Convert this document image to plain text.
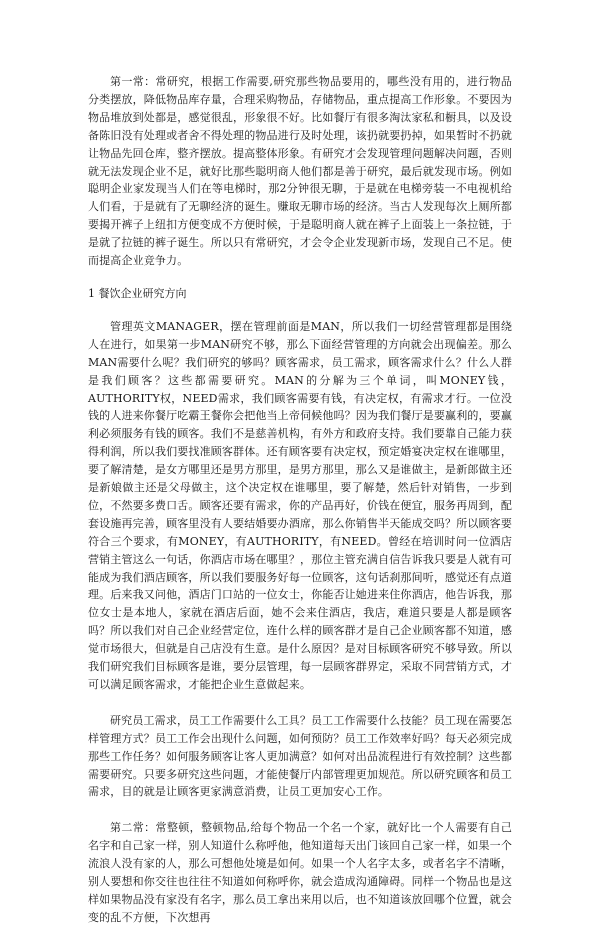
第一常：常研究，根据工作需要,研究那些物品要用的，哪些没有用的，进行物品分类摆放，降低物品库存量，合理采购物品，存储物品，重点提高工作形象。不要因为物品堆放到处都是，感觉很乱，形象很不好。比如餐厅有很多淘汰家私和橱具，以及设备陈旧没有处理或者舍不得处理的物品进行及时处理，该扔就要扔掉，如果暂时不扔就让物品先回仓库，整齐摆放。提高整体形象。有研究才会发现管理问题解决问题，否则就无法发现企业不足，就好比那些聪明商人他们都是善于研究，最后就发现市场。例如聪明企业家发现当人们在等电梯时，那2分钟很无聊，于是就在电梯旁装一不电视机给人们看，于是就有了无聊经济的诞生。赚取无聊市场的经济。当古人发现每次上厕所都要揭开裤子上纽扣方便变成不方便时候，于是聪明商人就在裤子上面装上一条拉链，于是就了拉链的裤子诞生。所以只有常研究，才会令企业发现新市场，发现自己不足。使而提高企业竞争力。

1 餐饮企业研究方向

管理英文MANAGER，摆在管理前面是MAN，所以我们一切经营管理都是围绕人在进行，如果第一步MAN研究不够，那么下面经营管理的方向就会出现偏差。那么MAN需要什么呢？我们研究的够吗？顾客需求，员工需求，顾客需求什么？什么人群是我们顾客？这些都需要研究。MAN的分解为三个单词，叫MONEY钱，AUTHORITY权，NEED需求，我们顾客需要有钱，有决定权，有需求才行。一位没钱的人进来你餐厅吃霸王餐你会把他当上帝伺候他吗？因为我们餐厅是要赢利的，要赢利必须服务有钱的顾客。我们不是慈善机构，有外方和政府支持。我们要靠自己能力获得利润，所以我们要找准顾客群体。还有顾客要有决定权，预定婚宴决定权在谁哪里，要了解清楚，是女方哪里还是男方那里，是男方那里，那么又是谁做主，是新郎做主还是新娘做主还是父母做主，这个决定权在谁哪里，要了解楚，然后针对销售，一步到位，不然要多费口舌。顾客还要有需求，你的产品再好，价钱在便宜，服务再周到，配套设施再完善，顾客里没有人要结婚要办酒席，那么你销售半天能成交吗？所以顾客要符合三个要求，有MONEY，有AUTHORITY，有NEED。曾经在培训时问一位酒店营销主管这么一句话，你酒店市场在哪里？，那位主管充满自信告诉我只要是人就有可能成为我们酒店顾客，所以我们要服务好每一位顾客，这句话刹那间听，感觉还有点道理。后来我又问他，酒店门口站的一位女士，你能否让她进来住你酒店，他告诉我，那位女士是本地人，家就在酒店后面，她不会来住酒店，我店，难道只要是人都是顾客吗？所以我们对自己企业经营定位，连什么样的顾客群才是自己企业顾客都不知道，感觉市场很大，但就是自己店没有生意。是什么原因？是对目标顾客研究不够导致。所以我们研究我们目标顾客是谁，要分层管理，每一层顾客群界定，采取不同营销方式，才可以满足顾客需求，才能把企业生意做起来。

研究员工需求，员工工作需要什么工具？员工工作需要什么技能？员工现在需要怎样管理方式？员工工作会出现什么问题，如何预防？员工工作效率好吗？每天必须完成那些工作任务？如何服务顾客让客人更加满意？如何对出品流程进行有效控制？这些都需要研究。只要多研究这些问题，才能使餐厅内部管理更加规范。所以研究顾客和员工需求，目的就是让顾客更家满意消费，让员工更加安心工作。

第二常：常整顿，整顿物品,给每个物品一个名一个家，就好比一个人需要有自己名字和自己家一样，别人知道什么称呼他，他知道每天出门该回自己家一样，如果一个流浪人没有家的人，那么可想他处境是如何。如果一个人名字太多，或者名字不清晰，别人要想和你交往也往往不知道如何称呼你，就会造成沟通障碍。同样一个物品也是这样如果物品没有家没有名字，那么员工拿出来用以后，也不知道该放回哪个位置，就会变的乱不方便，下次想再
